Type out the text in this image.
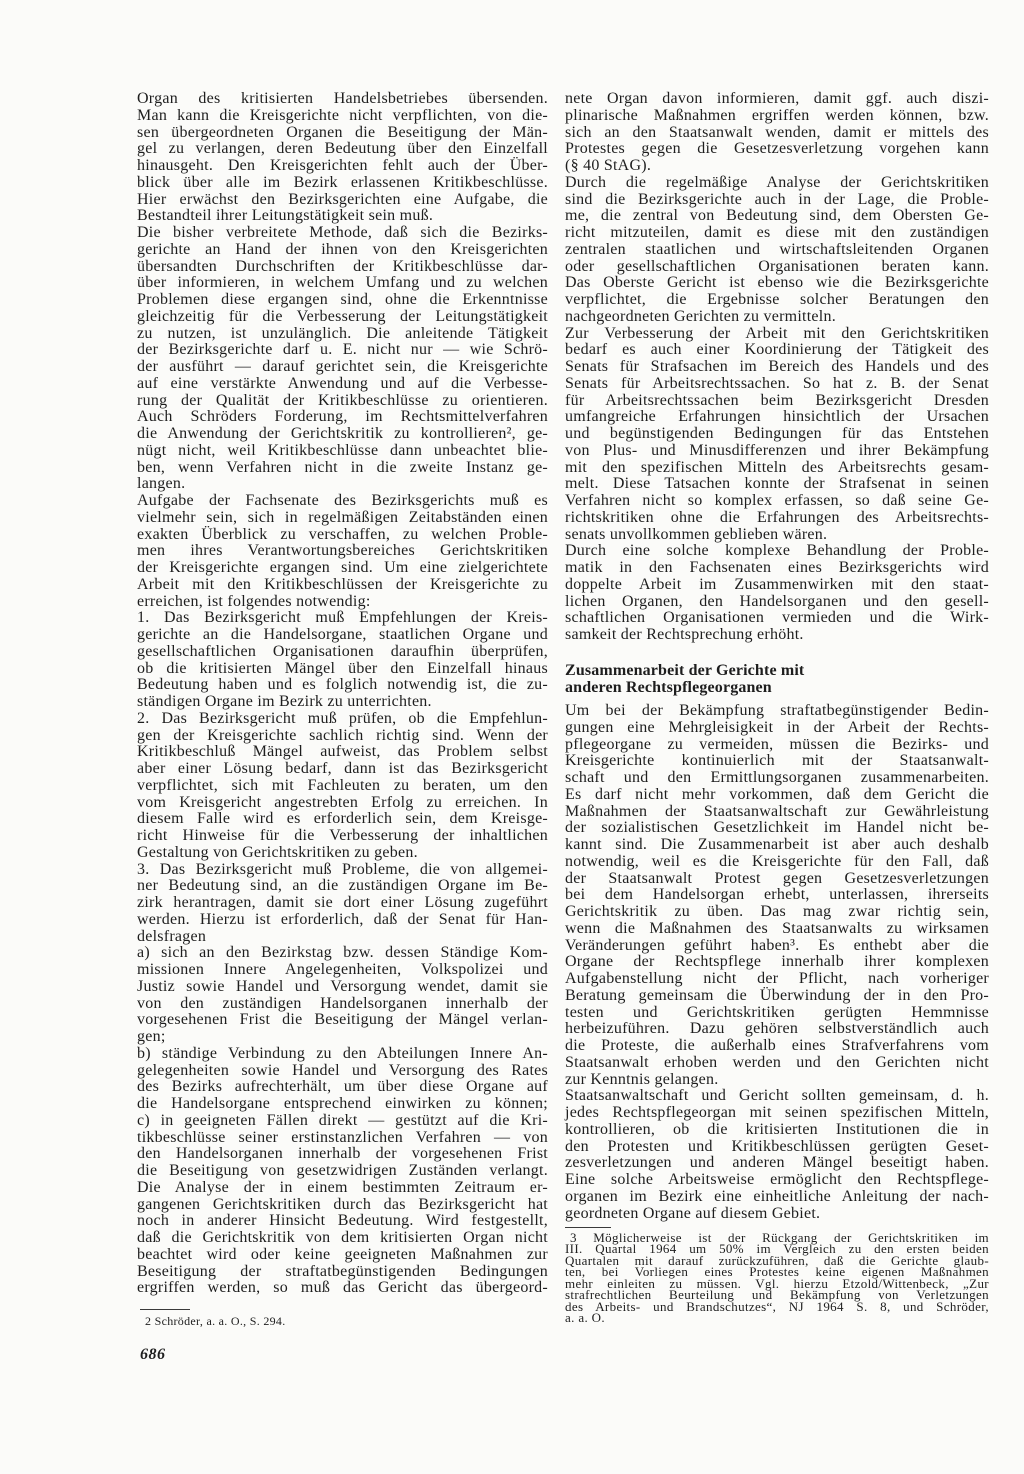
Organ des kritisierten Handelsbetriebes übersenden.
Man kann die Kreisgerichte nicht verpflichten, von die-
sen übergeordneten Organen die Beseitigung der Män-
gel zu verlangen, deren Bedeutung über den Einzelfall
hinausgeht. Den Kreisgerichten fehlt auch der Über-
blick über alle im Bezirk erlassenen Kritikbeschlüsse.
Hier erwächst den Bezirksgerichten eine Aufgabe, die
Bestandteil ihrer Leitungstätigkeit sein muß.
Die bisher verbreitete Methode, daß sich die Bezirks-
gerichte an Hand der ihnen von den Kreisgerichten
übersandten Durchschriften der Kritikbeschlüsse dar-
über informieren, in welchem Umfang und zu welchen
Problemen diese ergangen sind, ohne die Erkenntnisse
gleichzeitig für die Verbesserung der Leitungstätigkeit
zu nutzen, ist unzulänglich. Die anleitende Tätigkeit
der Bezirksgerichte darf u. E. nicht nur — wie Schrö-
der ausführt — darauf gerichtet sein, die Kreisgerichte
auf eine verstärkte Anwendung und auf die Verbesse-
rung der Qualität der Kritikbeschlüsse zu orientieren.
Auch Schröders Forderung, im Rechtsmittelverfahren
die Anwendung der Gerichtskritik zu kontrollieren², ge-
nügt nicht, weil Kritikbeschlüsse dann unbeachtet blie-
ben, wenn Verfahren nicht in die zweite Instanz ge-
langen.
Aufgabe der Fachsenate des Bezirksgerichts muß es
vielmehr sein, sich in regelmäßigen Zeitabständen einen
exakten Überblick zu verschaffen, zu welchen Proble-
men ihres Verantwortungsbereiches Gerichtskritiken
der Kreisgerichte ergangen sind. Um eine zielgerichtete
Arbeit mit den Kritikbeschlüssen der Kreisgerichte zu
erreichen, ist folgendes notwendig:
1. Das Bezirksgericht muß Empfehlungen der Kreis-
gerichte an die Handelsorgane, staatlichen Organe und
gesellschaftlichen Organisationen daraufhin überprüfen,
ob die kritisierten Mängel über den Einzelfall hinaus
Bedeutung haben und es folglich notwendig ist, die zu-
ständigen Organe im Bezirk zu unterrichten.
2. Das Bezirksgericht muß prüfen, ob die Empfehlun-
gen der Kreisgerichte sachlich richtig sind. Wenn der
Kritikbeschluß Mängel aufweist, das Problem selbst
aber einer Lösung bedarf, dann ist das Bezirksgericht
verpflichtet, sich mit Fachleuten zu beraten, um den
vom Kreisgericht angestrebten Erfolg zu erreichen. In
diesem Falle wird es erforderlich sein, dem Kreisge-
richt Hinweise für die Verbesserung der inhaltlichen
Gestaltung von Gerichtskritiken zu geben.
3. Das Bezirksgericht muß Probleme, die von allgemei-
ner Bedeutung sind, an die zuständigen Organe im Be-
zirk herantragen, damit sie dort einer Lösung zugeführt
werden. Hierzu ist erforderlich, daß der Senat für Han-
delsfragen
a) sich an den Bezirkstag bzw. dessen Ständige Kom-
missionen Innere Angelegenheiten, Volkspolizei und
Justiz sowie Handel und Versorgung wendet, damit sie
von den zuständigen Handelsorganen innerhalb der
vorgesehenen Frist die Beseitigung der Mängel verlan-
gen;
b) ständige Verbindung zu den Abteilungen Innere An-
gelegenheiten sowie Handel und Versorgung des Rates
des Bezirks aufrechterhält, um über diese Organe auf
die Handelsorgane entsprechend einwirken zu können;
c) in geeigneten Fällen direkt — gestützt auf die Kri-
tikbeschlüsse seiner erstinstanzlichen Verfahren — von
den Handelsorganen innerhalb der vorgesehenen Frist
die Beseitigung von gesetzwidrigen Zuständen verlangt.
Die Analyse der in einem bestimmten Zeitraum er-
gangenen Gerichtskritiken durch das Bezirksgericht hat
noch in anderer Hinsicht Bedeutung. Wird festgestellt,
daß die Gerichtskritik von dem kritisierten Organ nicht
beachtet wird oder keine geeigneten Maßnahmen zur
Beseitigung der straftatbegünstigenden Bedingungen
ergriffen werden, so muß das Gericht das übergeord-
2 Schröder, a. a. O., S. 294.
686
nete Organ davon informieren, damit ggf. auch diszi-
plinarische Maßnahmen ergriffen werden können, bzw.
sich an den Staatsanwalt wenden, damit er mittels des
Protestes gegen die Gesetzesverletzung vorgehen kann
(§ 40 StAG).
Durch die regelmäßige Analyse der Gerichtskritiken
sind die Bezirksgerichte auch in der Lage, die Proble-
me, die zentral von Bedeutung sind, dem Obersten Ge-
richt mitzuteilen, damit es diese mit den zuständigen
zentralen staatlichen und wirtschaftsleitenden Organen
oder gesellschaftlichen Organisationen beraten kann.
Das Oberste Gericht ist ebenso wie die Bezirksgerichte
verpflichtet, die Ergebnisse solcher Beratungen den
nachgeordneten Gerichten zu vermitteln.
Zur Verbesserung der Arbeit mit den Gerichtskritiken
bedarf es auch einer Koordinierung der Tätigkeit des
Senats für Strafsachen im Bereich des Handels und des
Senats für Arbeitsrechtssachen. So hat z. B. der Senat
für Arbeitsrechtssachen beim Bezirksgericht Dresden
umfangreiche Erfahrungen hinsichtlich der Ursachen
und begünstigenden Bedingungen für das Entstehen
von Plus- und Minusdifferenzen und ihrer Bekämpfung
mit den spezifischen Mitteln des Arbeitsrechts gesam-
melt. Diese Tatsachen konnte der Strafsenat in seinen
Verfahren nicht so komplex erfassen, so daß seine Ge-
richtskritiken ohne die Erfahrungen des Arbeitsrechts-
senats unvollkommen geblieben wären.
Durch eine solche komplexe Behandlung der Proble-
matik in den Fachsenaten eines Bezirksgerichts wird
doppelte Arbeit im Zusammenwirken mit den staat-
lichen Organen, den Handelsorganen und den gesell-
schaftlichen Organisationen vermieden und die Wirk-
samkeit der Rechtsprechung erhöht.
Zusammenarbeit der Gerichte mit
anderen Rechtspflegeorganen
Um bei der Bekämpfung straftatbegünstigender Bedin-
gungen eine Mehrgleisigkeit in der Arbeit der Rechts-
pflegeorgane zu vermeiden, müssen die Bezirks- und
Kreisgerichte kontinuierlich mit der Staatsanwalt-
schaft und den Ermittlungsorganen zusammenarbeiten.
Es darf nicht mehr vorkommen, daß dem Gericht die
Maßnahmen der Staatsanwaltschaft zur Gewährleistung
der sozialistischen Gesetzlichkeit im Handel nicht be-
kannt sind. Die Zusammenarbeit ist aber auch deshalb
notwendig, weil es die Kreisgerichte für den Fall, daß
der Staatsanwalt Protest gegen Gesetzesverletzungen
bei dem Handelsorgan erhebt, unterlassen, ihrerseits
Gerichtskritik zu üben. Das mag zwar richtig sein,
wenn die Maßnahmen des Staatsanwalts zu wirksamen
Veränderungen geführt haben³. Es enthebt aber die
Organe der Rechtspflege innerhalb ihrer komplexen
Aufgabenstellung nicht der Pflicht, nach vorheriger
Beratung gemeinsam die Überwindung der in den Pro-
testen und Gerichtskritiken gerügten Hemmnisse
herbeizuführen. Dazu gehören selbstverständlich auch
die Proteste, die außerhalb eines Strafverfahrens vom
Staatsanwalt erhoben werden und den Gerichten nicht
zur Kenntnis gelangen.
Staatsanwaltschaft und Gericht sollten gemeinsam, d. h.
jedes Rechtspflegeorgan mit seinen spezifischen Mitteln,
kontrollieren, ob die kritisierten Institutionen die in
den Protesten und Kritikbeschlüssen gerügten Geset-
zesverletzungen und anderen Mängel beseitigt haben.
Eine solche Arbeitsweise ermöglicht den Rechtspflege-
organen im Bezirk eine einheitliche Anleitung der nach-
geordneten Organe auf diesem Gebiet.
3 Möglicherweise ist der Rückgang der Gerichtskritiken im
III. Quartal 1964 um 50% im Vergleich zu den ersten beiden
Quartalen mit darauf zurückzuführen, daß die Gerichte glaub-
ten, bei Vorliegen eines Protestes keine eigenen Maßnahmen
mehr einleiten zu müssen. Vgl. hierzu Etzold/Wittenbeck, „Zur
strafrechtlichen Beurteilung und Bekämpfung von Verletzungen
des Arbeits- und Brandschutzes“, NJ 1964 S. 8, und Schröder,
a. a. O.
